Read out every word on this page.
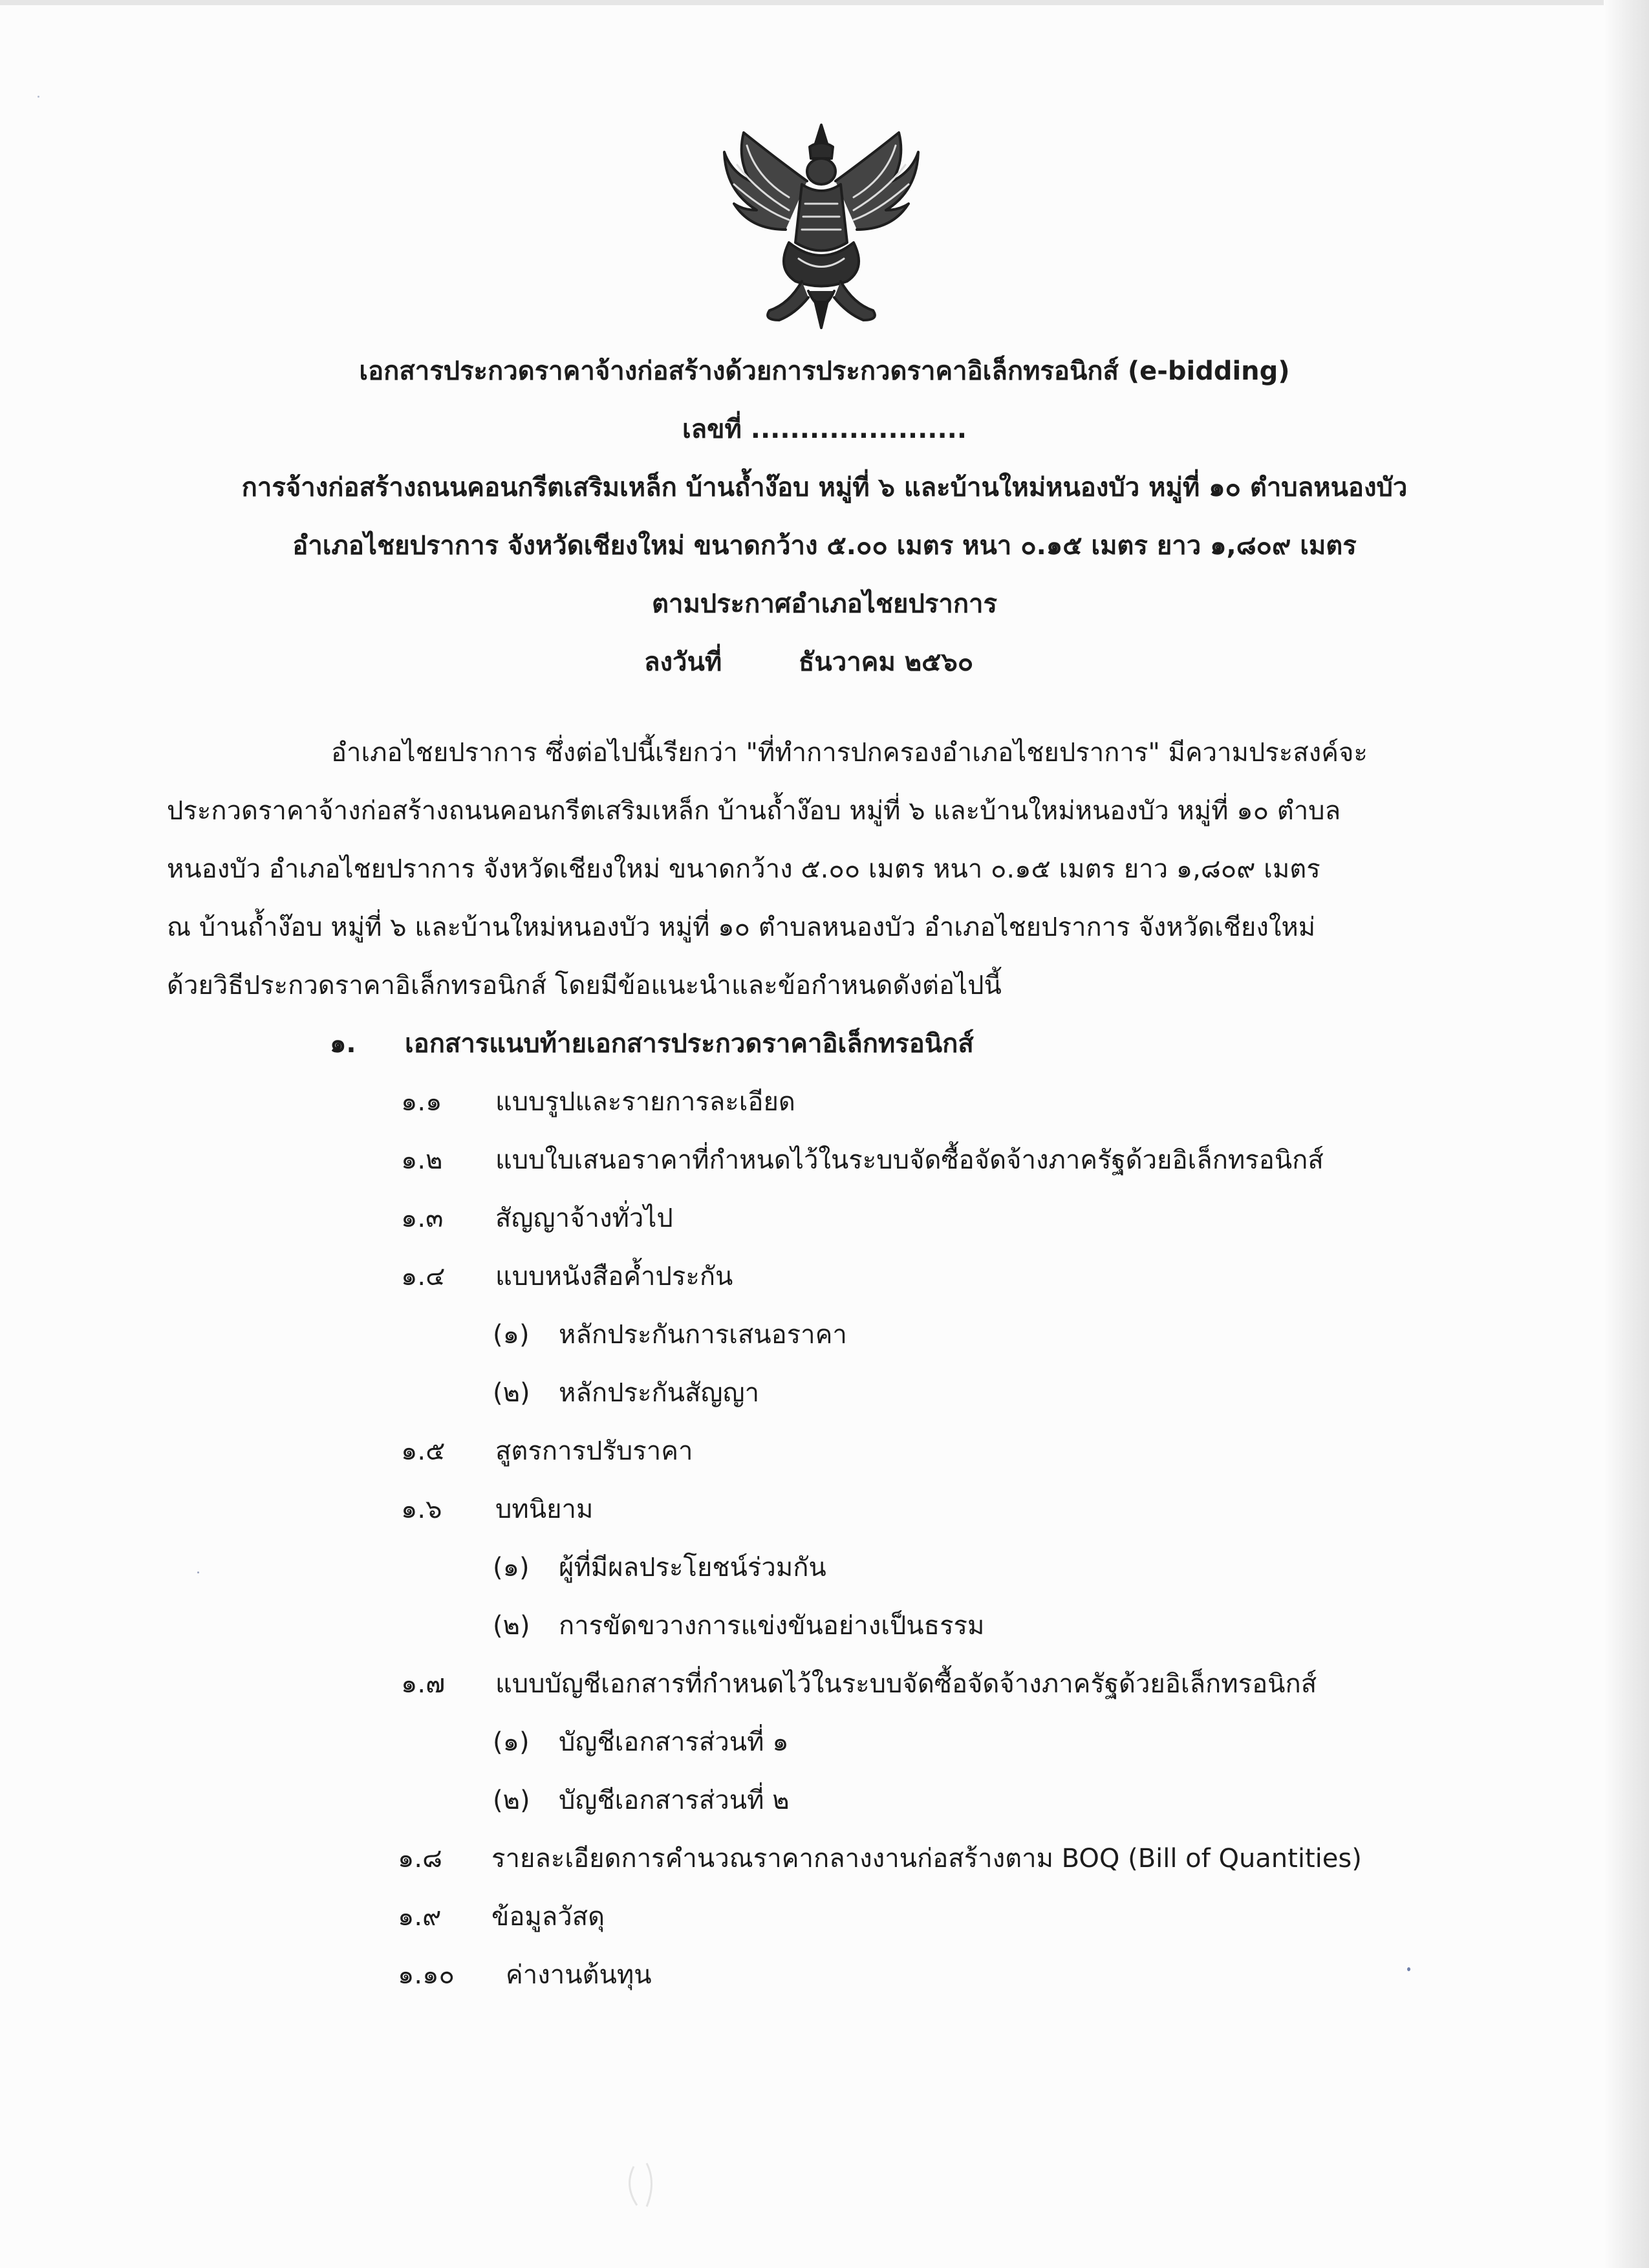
เอกสารประกวดราคาจ้างก่อสร้างด้วยการประกวดราคาอิเล็กทรอนิกส์ (e-bidding)
เลขที่ ......................
การจ้างก่อสร้างถนนคอนกรีตเสริมเหล็ก บ้านถ้ำง๊อบ หมู่ที่ ๖ และบ้านใหม่หนองบัว หมู่ที่ ๑๐ ตำบลหนองบัว
อำเภอไชยปราการ จังหวัดเชียงใหม่ ขนาดกว้าง ๕.๐๐ เมตร หนา ๐.๑๕ เมตร ยาว ๑,๘๐๙ เมตร
ตามประกาศอำเภอไชยปราการ
ลงวันที่	ธันวาคม ๒๕๖๐
อำเภอไชยปราการ ซึ่งต่อไปนี้เรียกว่า "ที่ทำการปกครองอำเภอไชยปราการ" มีความประสงค์จะ
ประกวดราคาจ้างก่อสร้างถนนคอนกรีตเสริมเหล็ก บ้านถ้ำง๊อบ หมู่ที่ ๖ และบ้านใหม่หนองบัว หมู่ที่ ๑๐ ตำบล
หนองบัว อำเภอไชยปราการ จังหวัดเชียงใหม่ ขนาดกว้าง ๕.๐๐ เมตร หนา ๐.๑๕ เมตร ยาว ๑,๘๐๙ เมตร
ณ บ้านถ้ำง๊อบ หมู่ที่ ๖ และบ้านใหม่หนองบัว หมู่ที่ ๑๐ ตำบลหนองบัว อำเภอไชยปราการ จังหวัดเชียงใหม่
ด้วยวิธีประกวดราคาอิเล็กทรอนิกส์ โดยมีข้อแนะนำและข้อกำหนดดังต่อไปนี้
๑. เอกสารแนบท้ายเอกสารประกวดราคาอิเล็กทรอนิกส์
๑.๑ แบบรูปและรายการละเอียด
๑.๒ แบบใบเสนอราคาที่กำหนดไว้ในระบบจัดซื้อจัดจ้างภาครัฐด้วยอิเล็กทรอนิกส์
๑.๓ สัญญาจ้างทั่วไป
๑.๔ แบบหนังสือค้ำประกัน
(๑) หลักประกันการเสนอราคา
(๒) หลักประกันสัญญา
๑.๕ สูตรการปรับราคา
๑.๖ บทนิยาม
(๑) ผู้ที่มีผลประโยชน์ร่วมกัน
(๒) การขัดขวางการแข่งขันอย่างเป็นธรรม
๑.๗ แบบบัญชีเอกสารที่กำหนดไว้ในระบบจัดซื้อจัดจ้างภาครัฐด้วยอิเล็กทรอนิกส์
(๑) บัญชีเอกสารส่วนที่ ๑
(๒) บัญชีเอกสารส่วนที่ ๒
๑.๘ รายละเอียดการคำนวณราคากลางงานก่อสร้างตาม BOQ (Bill of Quantities)
๑.๙ ข้อมูลวัสดุ
๑.๑๐ ค่างานต้นทุน
